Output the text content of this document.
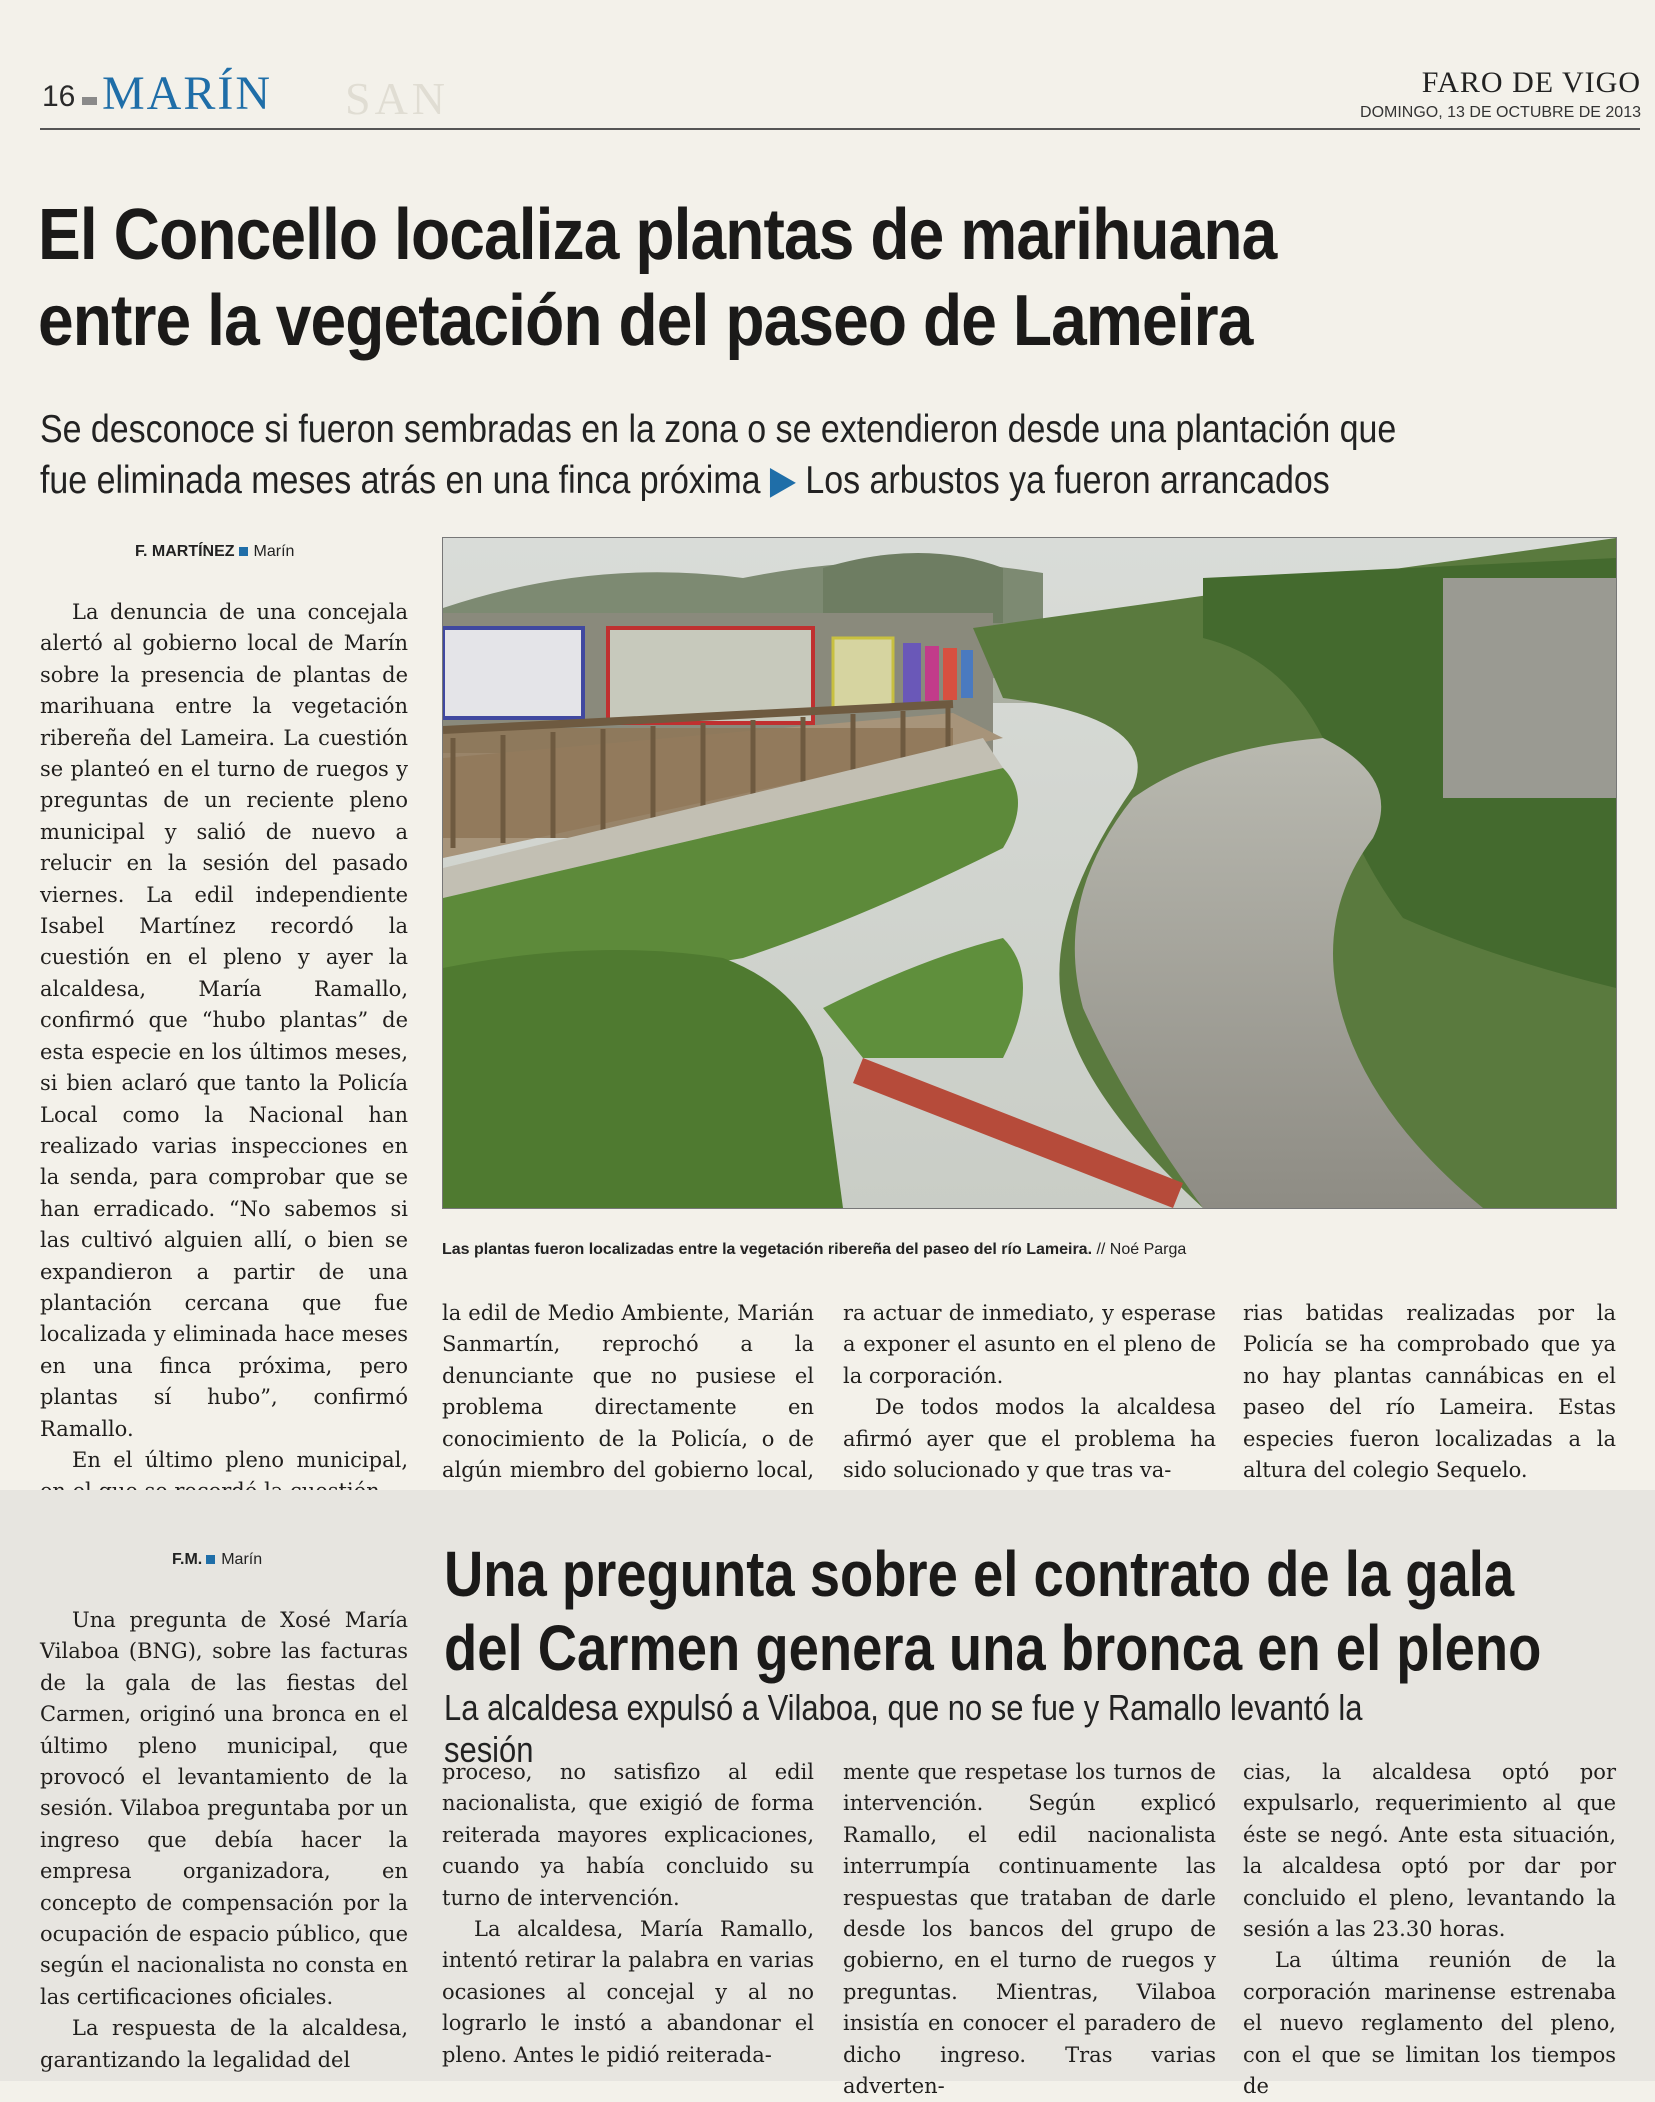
16 MARÍN SAN	FARO DE VIGO
DOMINGO, 13 DE OCTUBRE DE 2013
El Concello localiza plantas de marihuana
entre la vegetación del paseo de Lameira
Se desconoce si fueron sembradas en la zona o se extendieron desde una plantación que
fue eliminada meses atrás en una finca próxima ▶ Los arbustos ya fueron arrancados
F. MARTÍNEZ Marín

La denuncia de una concejala alertó al gobierno local de Marín sobre la presencia de plantas de marihuana entre la vegetación ribereña del Lameira. La cuestión se planteó en el turno de ruegos y preguntas de un reciente pleno municipal y salió de nuevo a relucir en la sesión del pasado viernes. La edil independiente Isabel Martínez recordó la cuestión en el pleno y ayer la alcaldesa, María Ramallo, confirmó que “hubo plantas” de esta especie en los últimos meses, si bien aclaró que tanto la Policía Local como la Nacional han realizado varias inspecciones en la senda, para comprobar que se han erradicado. “No sabemos si las cultivó alguien allí, o bien se expandieron a partir de una plantación cercana que fue localizada y eliminada hace meses en una finca próxima, pero plantas sí hubo”, confirmó Ramallo.

En el último pleno municipal,

Las plantas fueron localizadas entre la vegetación ribereña del paseo del río Lameira. // Noé Parga

la edil de Medio Ambiente, Marián Sanmartín, reprochó a la denunciante que no pusiese el problema directamente en conocimiento de la Policía, o de algún miembro del gobierno local,

ra actuar de inmediato, y esperase a exponer el asunto en el pleno de la corporación.

De todos modos la alcaldesa afirmó ayer que el problema ha sido solucionado y que tras va-

rias batidas realizadas por la Policía se ha comprobado que ya no hay plantas cannábicas en el paseo del río Lameira. Estas especies fueron localizadas a la altura del colegio Sequelo.

F.M. Marín	Una pregunta sobre el contrato de la gala
del Carmen genera una bronca en el pleno
La alcaldesa expulsó a Vilaboa, que no se fue y Ramallo levantó la sesión

Una pregunta de Xosé María Vilaboa (BNG), sobre las facturas de la gala de las fiestas del Carmen, originó una bronca en el último pleno municipal, que provocó el levantamiento de la sesión. Vilaboa preguntaba por un ingreso que debía hacer la empresa organizadora, en concepto de compensación por la ocupación de espacio público, que según el nacionalista no consta en las certificaciones oficiales.

La respuesta de la alcaldesa, garantizando la legalidad del

proceso, no satisfizo al edil nacionalista, que exigió de forma reiterada mayores explicaciones, cuando ya había concluido su turno de intervención.

La alcaldesa, María Ramallo, intentó retirar la palabra en varias ocasiones al concejal y al no lograrlo le instó a abandonar el pleno. Antes le pidió reiterada-

mente que respetase los turnos de intervención. Según explicó Ramallo, el edil nacionalista interrumpía continuamente las respuestas que trataban de darle desde los bancos del grupo de gobierno, en el turno de ruegos y preguntas. Mientras, Vilaboa insistía en conocer el paradero de dicho ingreso. Tras varias adverten-

cias, la alcaldesa optó por expulsarlo, requerimiento al que éste se negó. Ante esta situación, la alcaldesa optó por dar por concluido el pleno, levantando la sesión a las 23.30 horas.

La última reunión de la corporación marinense estrenaba el nuevo reglamento del pleno, con el que se limitan los tiempos de
